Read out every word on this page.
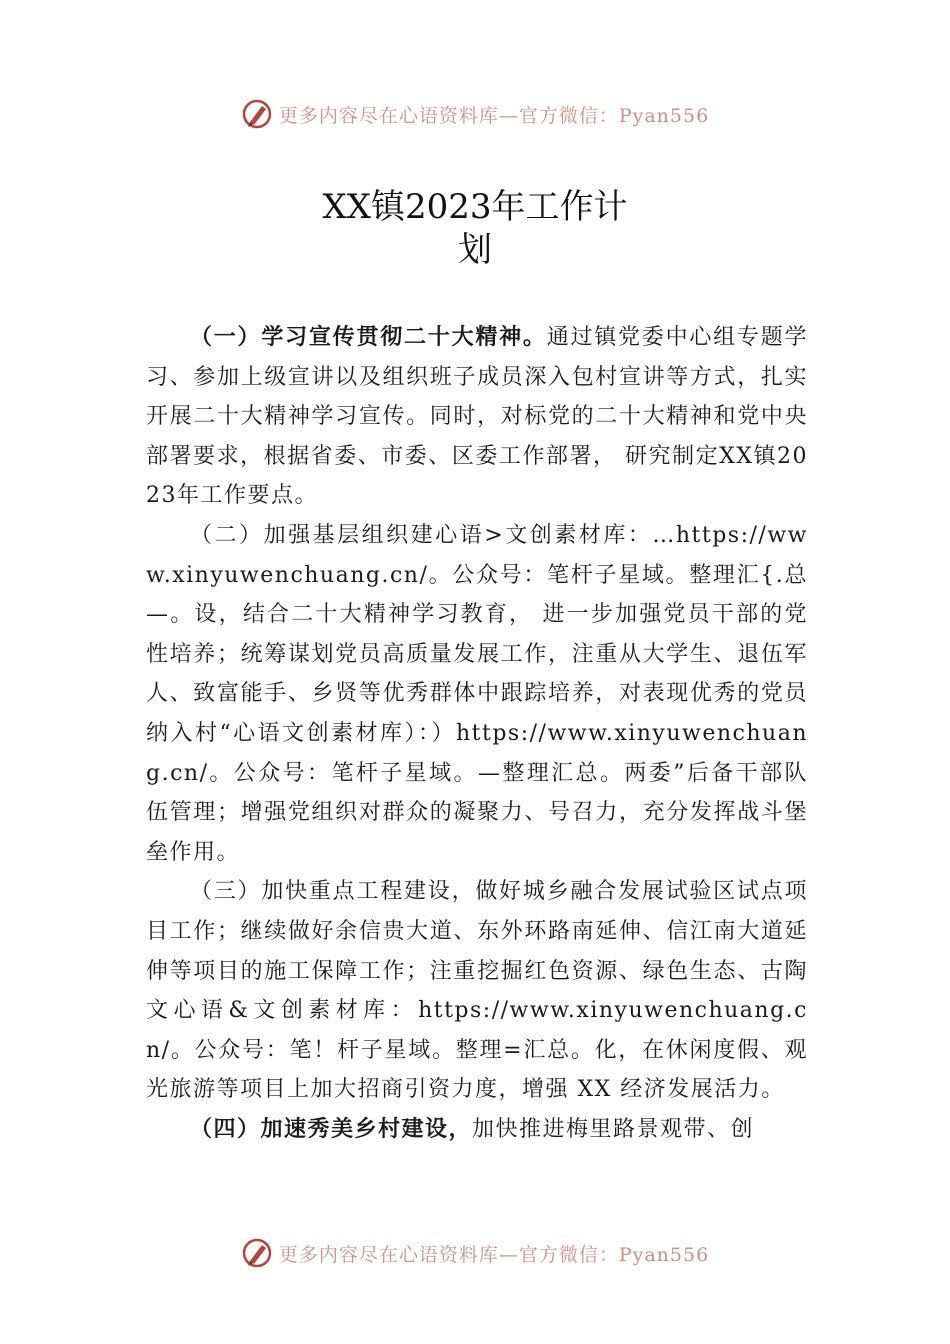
更多内容尽在心语资料库—官方微信：Pyan556
XX镇2023年工作计
划

（一）学习宣传贯彻二十大精神。通过镇党委中心组专题学习、参加上级宣讲以及组织班子成员深入包村宣讲等方式，扎实开展二十大精神学习宣传。同时，对标党的二十大精神和党中央部署要求，根据省委、市委、区委工作部署， 研究制定XX镇2023年工作要点。

（二）加强基层组织建心语>文创素材库：…https://www.xinyuwenchuang.cn/。公众号：笔杆子星域。整理汇{.总—。设，结合二十大精神学习教育， 进一步加强党员干部的党性培养；统筹谋划党员高质量发展工作，注重从大学生、退伍军人、致富能手、乡贤等优秀群体中跟踪培养，对表现优秀的党员纳入村“心语文创素材库）：）https://www.xinyuwenchuang.cn/。公众号：笔杆子星域。—整理汇总。两委”后备干部队伍管理；增强党组织对群众的凝聚力、号召力，充分发挥战斗堡垒作用。

（三）加快重点工程建设，做好城乡融合发展试验区试点项目工作；继续做好余信贵大道、东外环路南延伸、信江南大道延伸等项目的施工保障工作；注重挖掘红色资源、绿色生态、古陶文心语&文创素材库：https://www.xinyuwenchuang.cn/。公众号：笔！杆子星域。整理=汇总。化，在休闲度假、观光旅游等项目上加大招商引资力度，增强 XX 经济发展活力。

（四）加速秀美乡村建设，加快推进梅里路景观带、创

更多内容尽在心语资料库—官方微信：Pyan556
